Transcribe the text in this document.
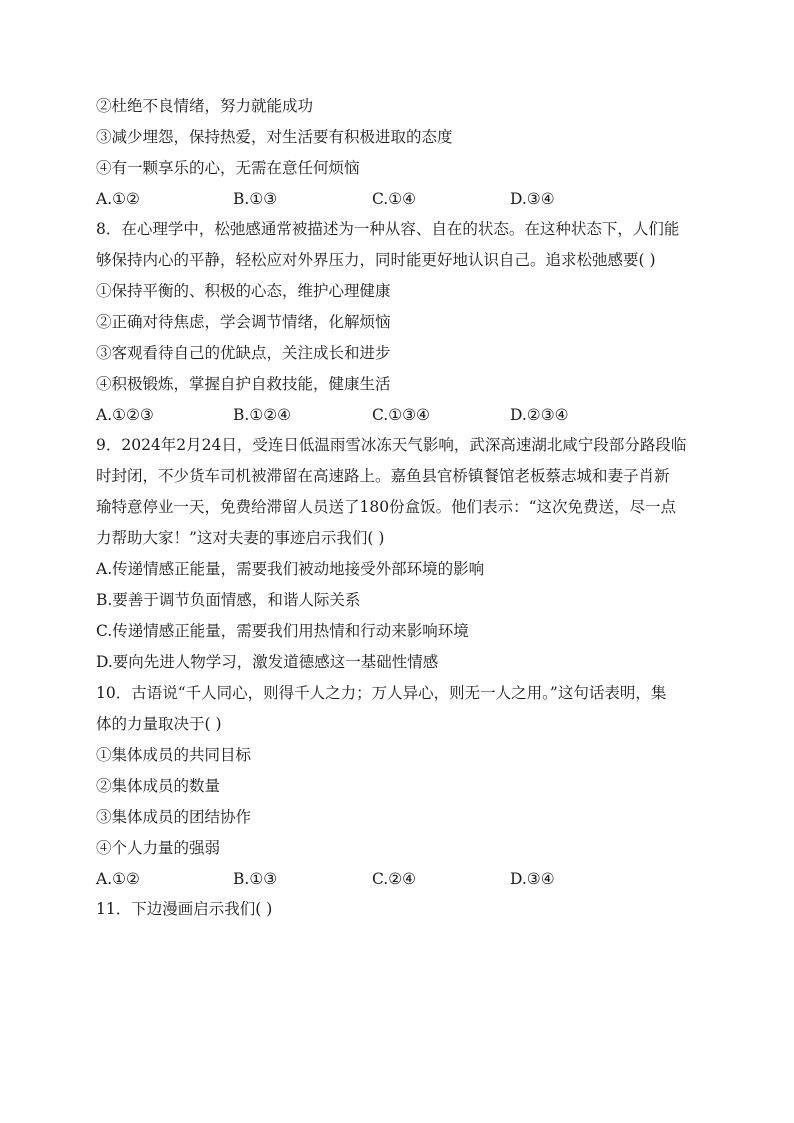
②杜绝不良情绪，努力就能成功
③减少埋怨，保持热爱，对生活要有积极进取的态度
④有一颗享乐的心，无需在意任何烦恼
A.①②	B.①③	C.①④	D.③④
8．在心理学中，松弛感通常被描述为一种从容、自在的状态。在这种状态下，人们能
够保持内心的平静，轻松应对外界压力，同时能更好地认识自己。追求松弛感要( )
①保持平衡的、积极的心态，维护心理健康
②正确对待焦虑，学会调节情绪，化解烦恼
③客观看待自己的优缺点，关注成长和进步
④积极锻炼，掌握自护自救技能，健康生活
A.①②③	B.①②④	C.①③④	D.②③④
9．2024年2月24日，受连日低温雨雪冰冻天气影响，武深高速湖北咸宁段部分路段临
时封闭，不少货车司机被滞留在高速路上。嘉鱼县官桥镇餐馆老板蔡志城和妻子肖新
瑜特意停业一天，免费给滞留人员送了180份盒饭。他们表示：“这次免费送，尽一点
力帮助大家！”这对夫妻的事迹启示我们( )
A.传递情感正能量，需要我们被动地接受外部环境的影响
B.要善于调节负面情感，和谐人际关系
C.传递情感正能量，需要我们用热情和行动来影响环境
D.要向先进人物学习，激发道德感这一基础性情感
10．古语说“千人同心，则得千人之力；万人异心，则无一人之用。”这句话表明，集
体的力量取决于( )
①集体成员的共同目标
②集体成员的数量
③集体成员的团结协作
④个人力量的强弱
A.①②	B.①③	C.②④	D.③④
11．下边漫画启示我们( )
